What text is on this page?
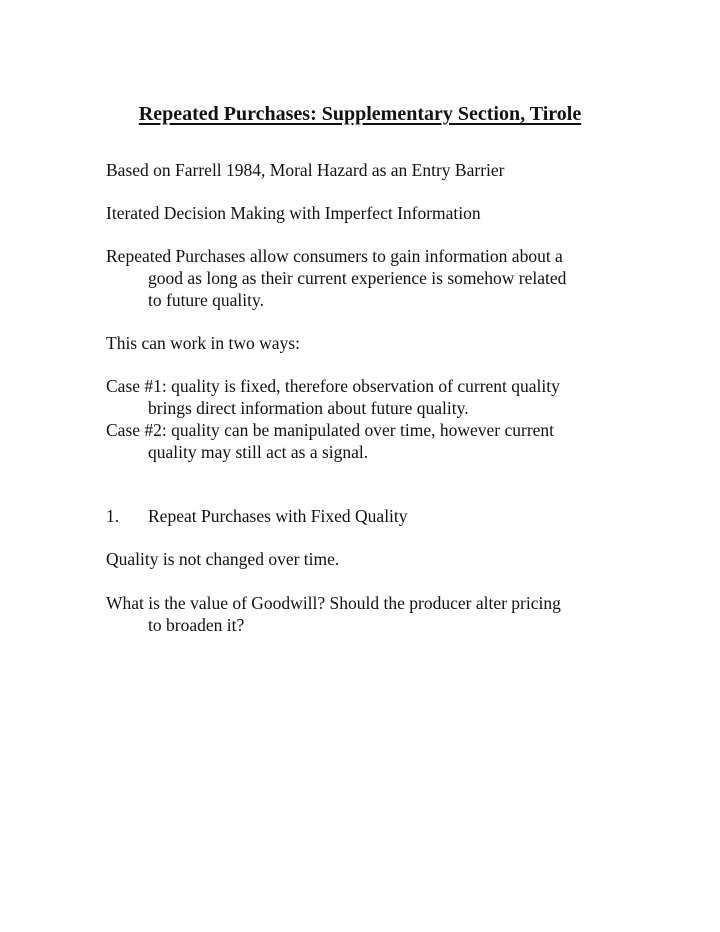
Repeated Purchases: Supplementary Section, Tirole
Based on Farrell 1984, Moral Hazard as an Entry Barrier
Iterated Decision Making with Imperfect Information
Repeated Purchases allow consumers to gain information about a
good as long as their current experience is somehow related
to future quality.
This can work in two ways:
Case #1: quality is fixed, therefore observation of current quality
brings direct information about future quality.
Case #2: quality can be manipulated over time, however current
quality may still act as a signal.
1. Repeat Purchases with Fixed Quality
Quality is not changed over time.
What is the value of Goodwill? Should the producer alter pricing
to broaden it?
